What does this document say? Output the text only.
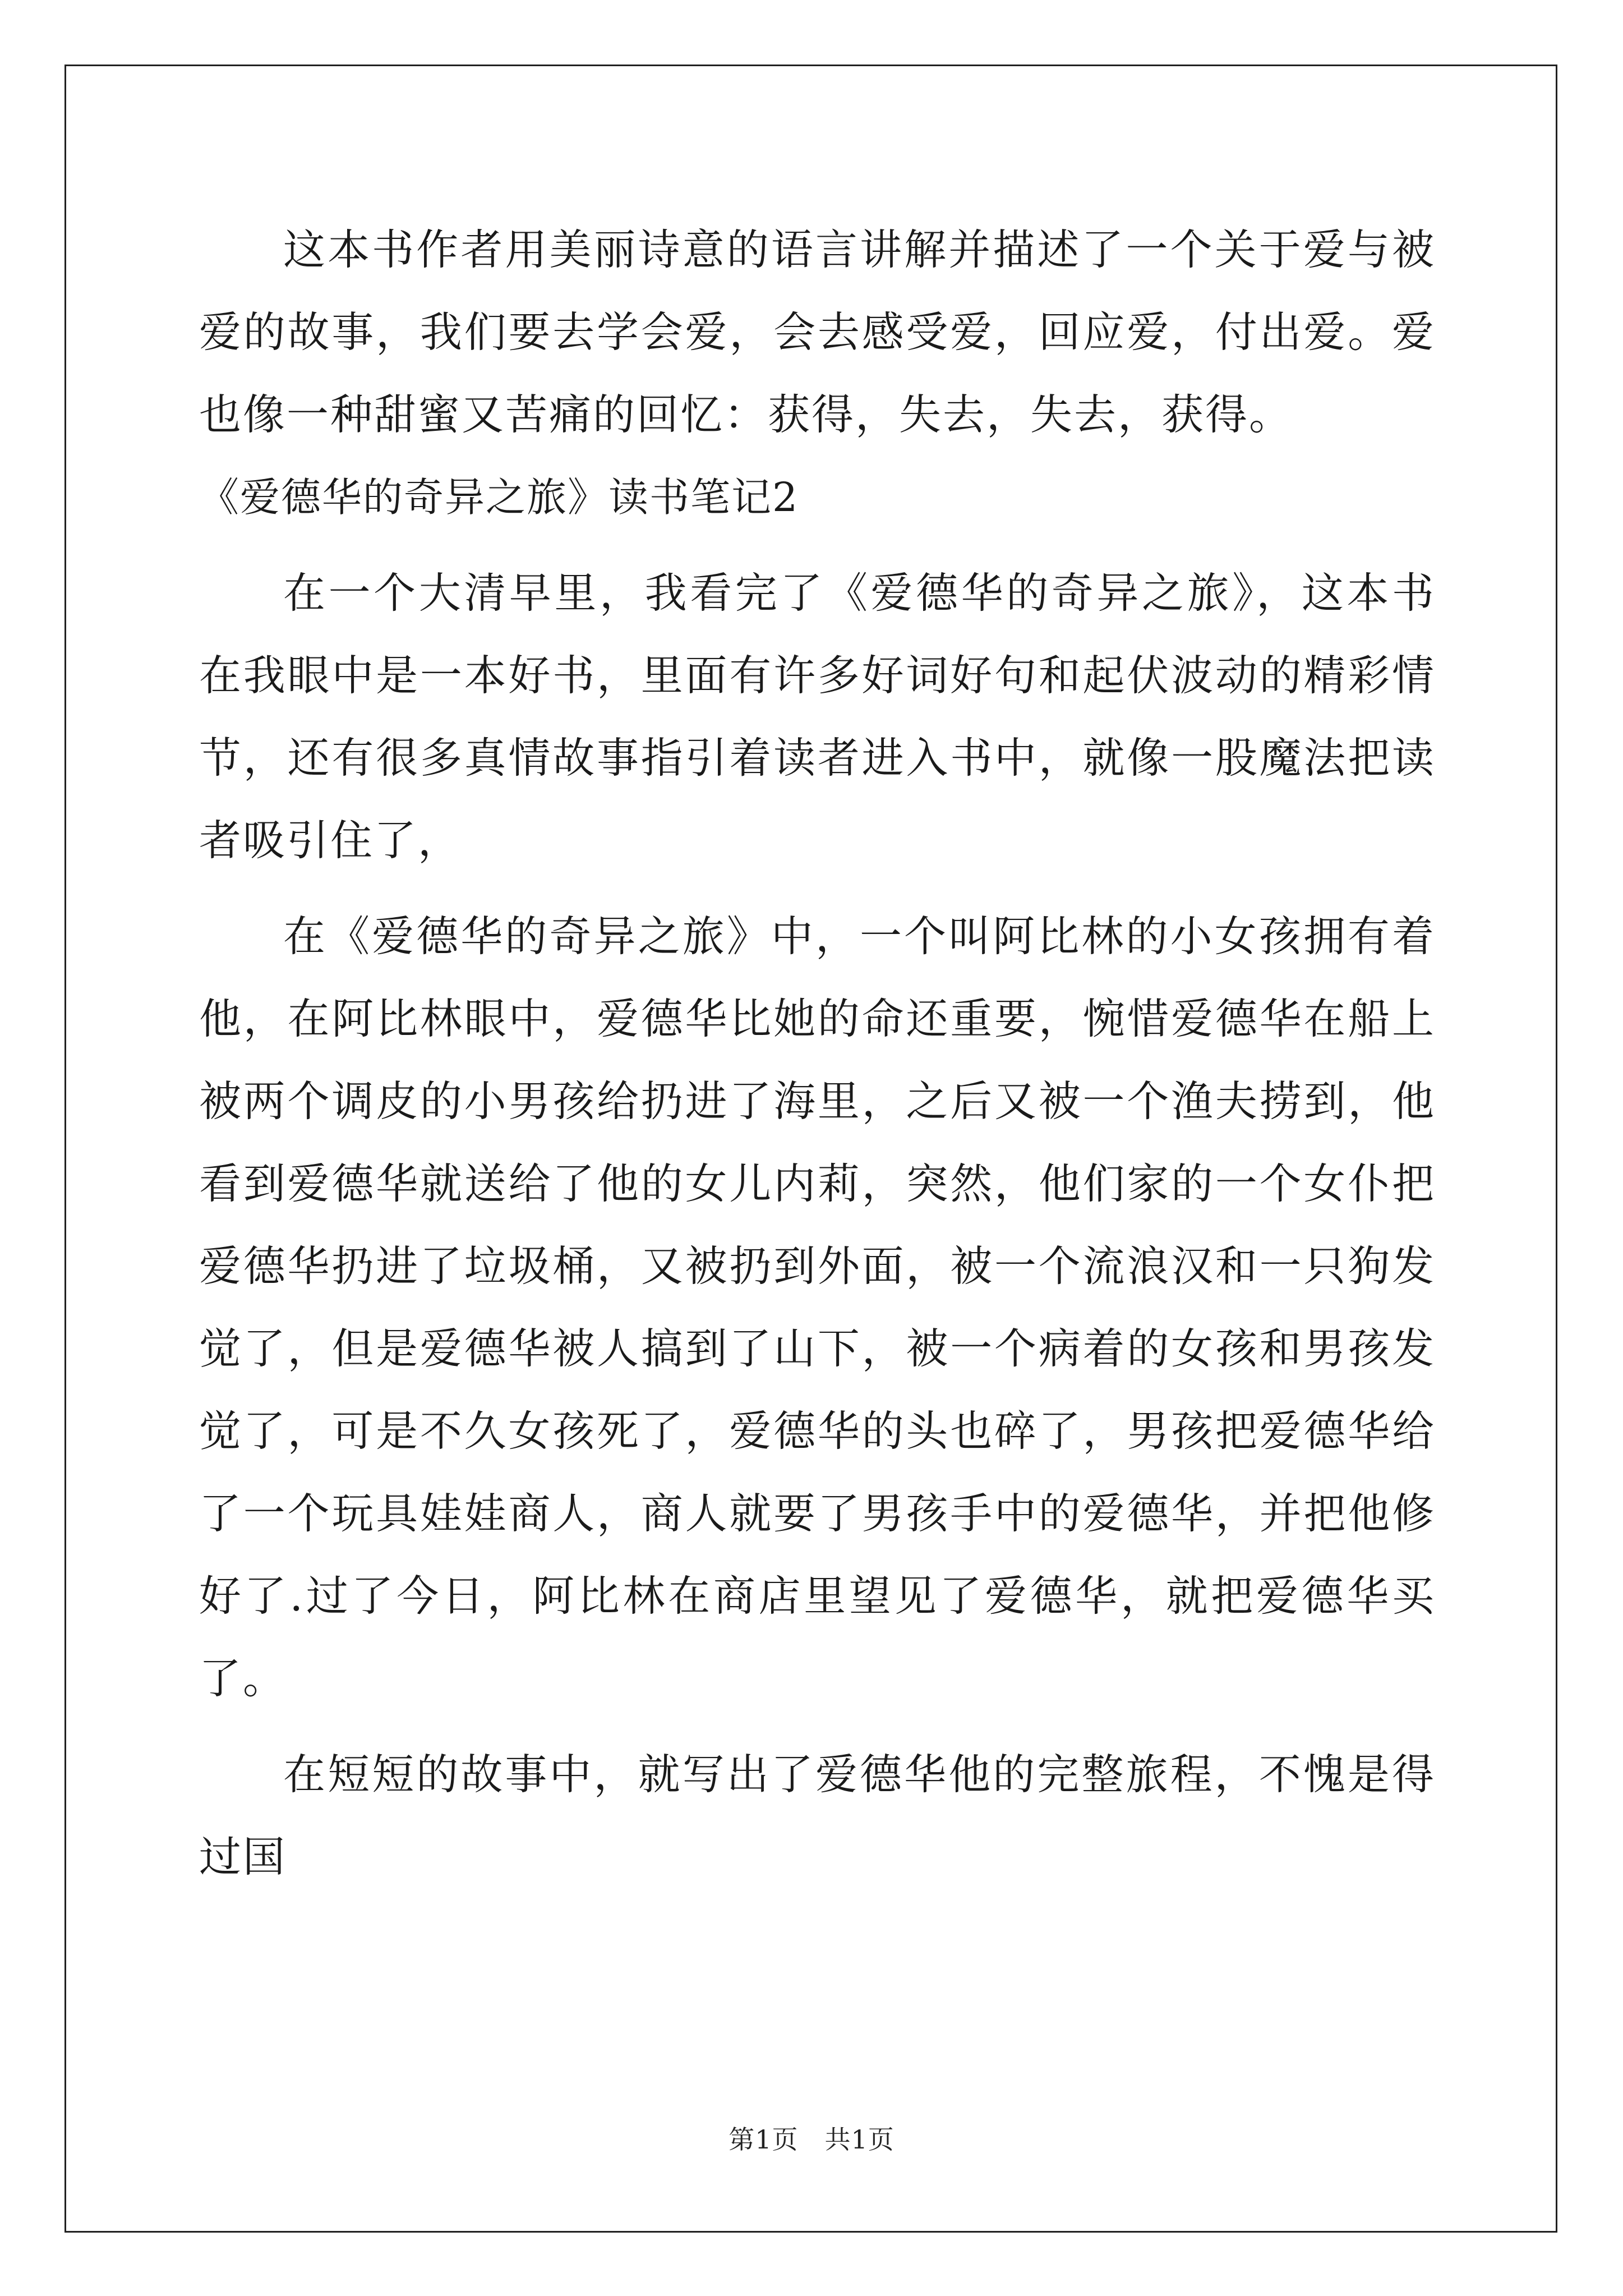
这本书作者用美丽诗意的语言讲解并描述了一个关于爱与被爱的故事，我们要去学会爱，会去感受爱，回应爱，付出爱。爱也像一种甜蜜又苦痛的回忆：获得，失去，失去，获得。

《爱德华的奇异之旅》读书笔记2

在一个大清早里，我看完了《爱德华的奇异之旅》，这本书在我眼中是一本好书，里面有许多好词好句和起伏波动的精彩情节，还有很多真情故事指引着读者进入书中，就像一股魔法把读者吸引住了，

在《爱德华的奇异之旅》中，一个叫阿比林的小女孩拥有着他，在阿比林眼中，爱德华比她的命还重要，惋惜爱德华在船上被两个调皮的小男孩给扔进了海里，之后又被一个渔夫捞到，他看到爱德华就送给了他的女儿内莉，突然，他们家的一个女仆把爱德华扔进了垃圾桶，又被扔到外面，被一个流浪汉和一只狗发觉了，但是爱德华被人搞到了山下，被一个病着的女孩和男孩发觉了，可是不久女孩死了，爱德华的头也碎了，男孩把爱德华给了一个玩具娃娃商人，商人就要了男孩手中的爱德华，并把他修好了.过了今日，阿比林在商店里望见了爱德华，就把爱德华买了。

在短短的故事中，就写出了爱德华他的完整旅程，不愧是得过国

第1页　共1页
